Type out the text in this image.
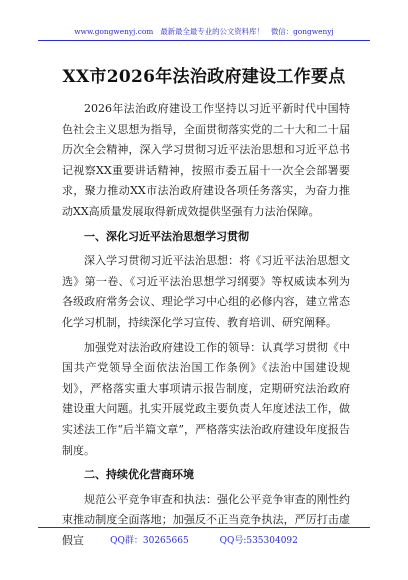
www.gongwenyj.com 最新最全最专业的公文资料库！ 微信：gongwenyj
XX市2026年法治政府建设工作要点

2026年法治政府建设工作坚持以习近平新时代中国特色社会主义思想为指导，全面贯彻落实党的二十大和二十届历次全会精神，深入学习贯彻习近平法治思想和习近平总书记视察XX重要讲话精神，按照市委五届十一次全会部署要求，聚力推动XX市法治政府建设各项任务落实，为奋力推动XX高质量发展取得新成效提供坚强有力法治保障。

一、深化习近平法治思想学习贯彻

深入学习贯彻习近平法治思想：将《习近平法治思想文选》第一卷、《习近平法治思想学习纲要》等权威读本列为各级政府常务会议、理论学习中心组的必修内容，建立常态化学习机制，持续深化学习宣传、教育培训、研究阐释。

加强党对法治政府建设工作的领导：认真学习贯彻《中国共产党领导全面依法治国工作条例》《法治中国建设规划》，严格落实重大事项请示报告制度，定期研究法治政府建设重大问题。扎实开展党政主要负责人年度述法工作，做实述法工作“后半篇文章”，严格落实法治政府建设年度报告制度。

二、持续优化营商环境

规范公平竞争审查和执法：强化公平竞争审查的刚性约束推动制度全面落地；加强反不正当竞争执法，严厉打击虚假宣	QQ群：30265665	QQ号:535304092
